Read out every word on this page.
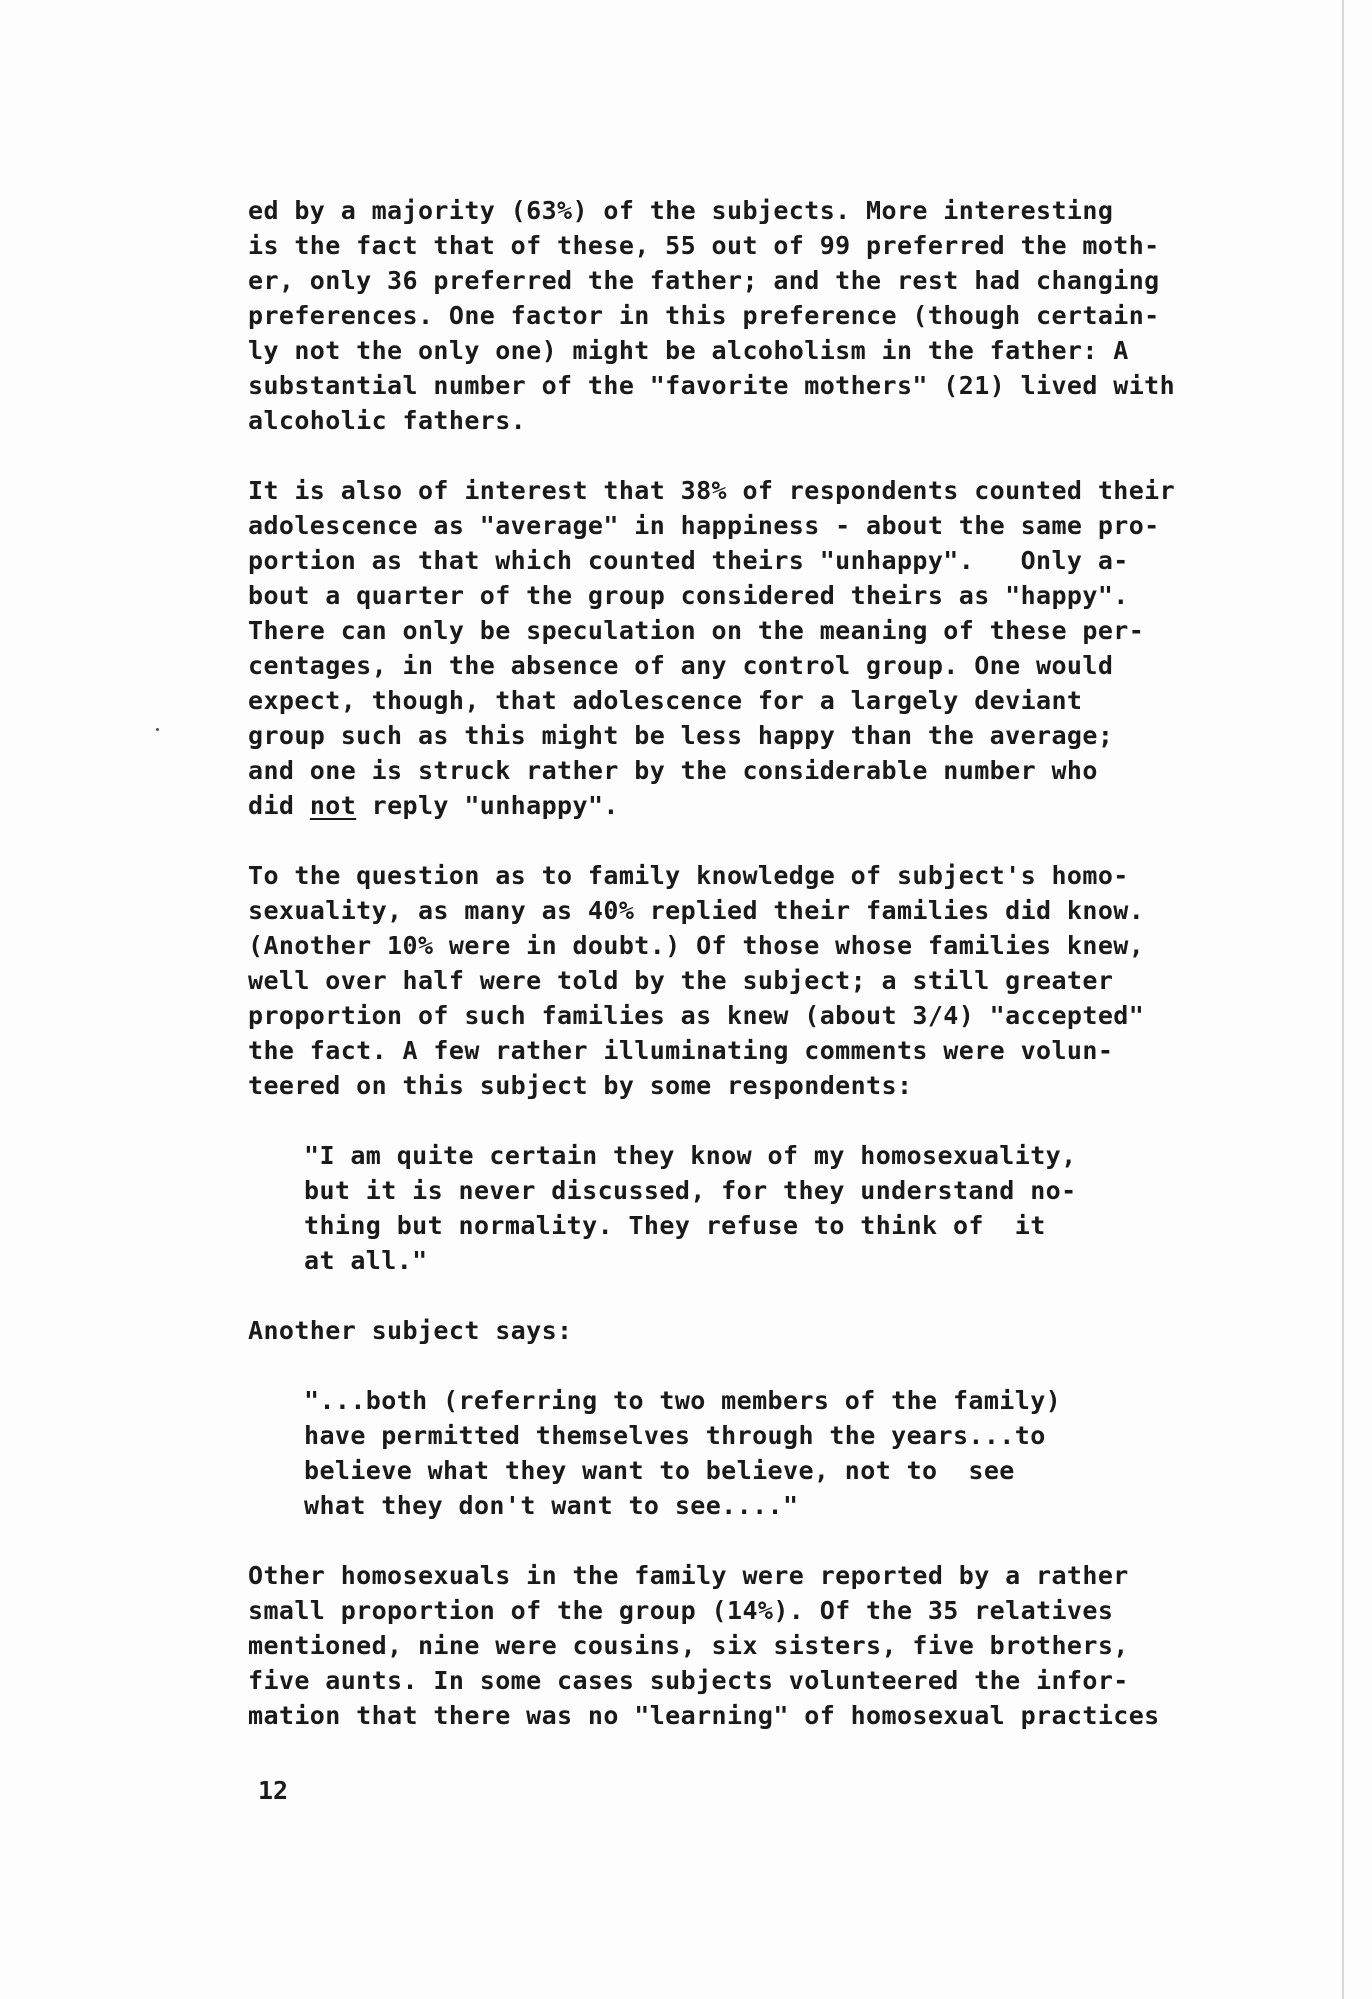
ed by a majority (63%) of the subjects. More interesting
is the fact that of these, 55 out of 99 preferred the moth-
er, only 36 preferred the father; and the rest had changing
preferences. One factor in this preference (though certain-
ly not the only one) might be alcoholism in the father: A
substantial number of the "favorite mothers" (21) lived with
alcoholic fathers.
It is also of interest that 38% of respondents counted their
adolescence as "average" in happiness - about the same pro-
portion as that which counted theirs "unhappy".   Only a-
bout a quarter of the group considered theirs as "happy".
There can only be speculation on the meaning of these per-
centages, in the absence of any control group. One would
expect, though, that adolescence for a largely deviant
group such as this might be less happy than the average;
and one is struck rather by the considerable number who
did not reply "unhappy".
To the question as to family knowledge of subject's homo-
sexuality, as many as 40% replied their families did know.
(Another 10% were in doubt.) Of those whose families knew,
well over half were told by the subject; a still greater
proportion of such families as knew (about 3/4) "accepted"
the fact. A few rather illuminating comments were volun-
teered on this subject by some respondents:
"I am quite certain they know of my homosexuality,
but it is never discussed, for they understand no-
thing but normality. They refuse to think of  it
at all."
Another subject says:
"...both (referring to two members of the family)
have permitted themselves through the years...to
believe what they want to believe, not to  see
what they don't want to see...."
Other homosexuals in the family were reported by a rather
small proportion of the group (14%). Of the 35 relatives
mentioned, nine were cousins, six sisters, five brothers,
five aunts. In some cases subjects volunteered the infor-
mation that there was no "learning" of homosexual practices
12
